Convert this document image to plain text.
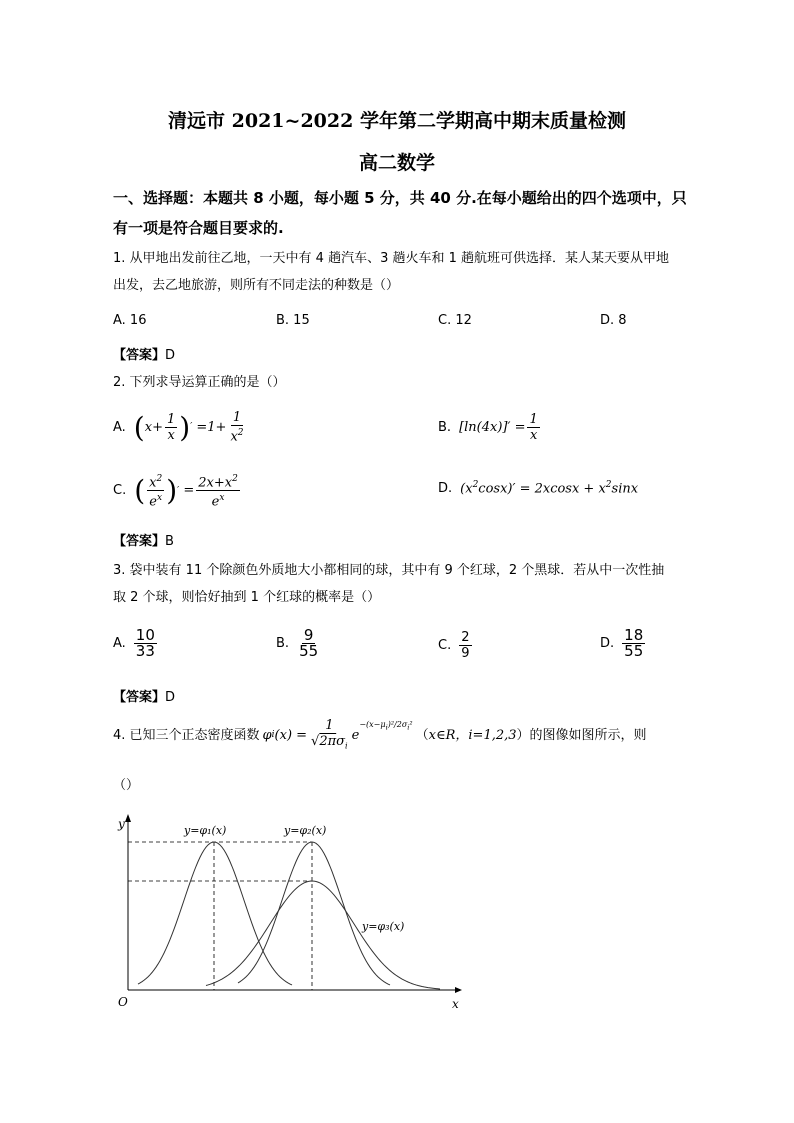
清远市 2021~2022 学年第二学期高中期末质量检测
高二数学
一、选择题：本题共 8 小题，每小题 5 分，共 40 分.在每小题给出的四个选项中，只
有一项是符合题目要求的.
1. 从甲地出发前往乙地，一天中有 4 趟汽车、3 趟火车和 1 趟航班可供选择．某人某天要从甲地
出发，去乙地旅游，则所有不同走法的种数是（）
A. 16	B. 15	C. 12	D. 8
【答案】D
2. 下列求导运算正确的是（）
A. ( $x+ \frac{1}{x}$ ) ′ $=1+ \frac{1}{x^2}$	B. $[\ln(4x)]' = \frac{1}{x}$
C. ( $\frac{x^2}{e^x}$ ) ′ = $\frac{2x+x^2}{e^x}$	D. $(x^2\cos x)' = 2xcosx + x^2\sin x$
【答案】B
3. 袋中装有 11 个除颜色外质地大小都相同的球，其中有 9 个红球，2 个黑球．若从中一次性抽
取 2 个球，则恰好抽到 1 个红球的概率是（）
A. $\frac{10}{33}$	B. $\frac{9}{55}$	C. $\frac{2}{9}$	D. $\frac{18}{55}$
【答案】D
4. 已知三个正态密度函数 φ i $(x) = \frac{1}{√2\pi\sigma_i}$ e
$^{-(x-\mu_i)^2/2\sigma_i^2}$
（ x∈R，i=1,2,3 ）的图像如图所示，则
（）
y
x
O
y=φ₁(x)	y=φ₂(x)
y=φ₃(x)
